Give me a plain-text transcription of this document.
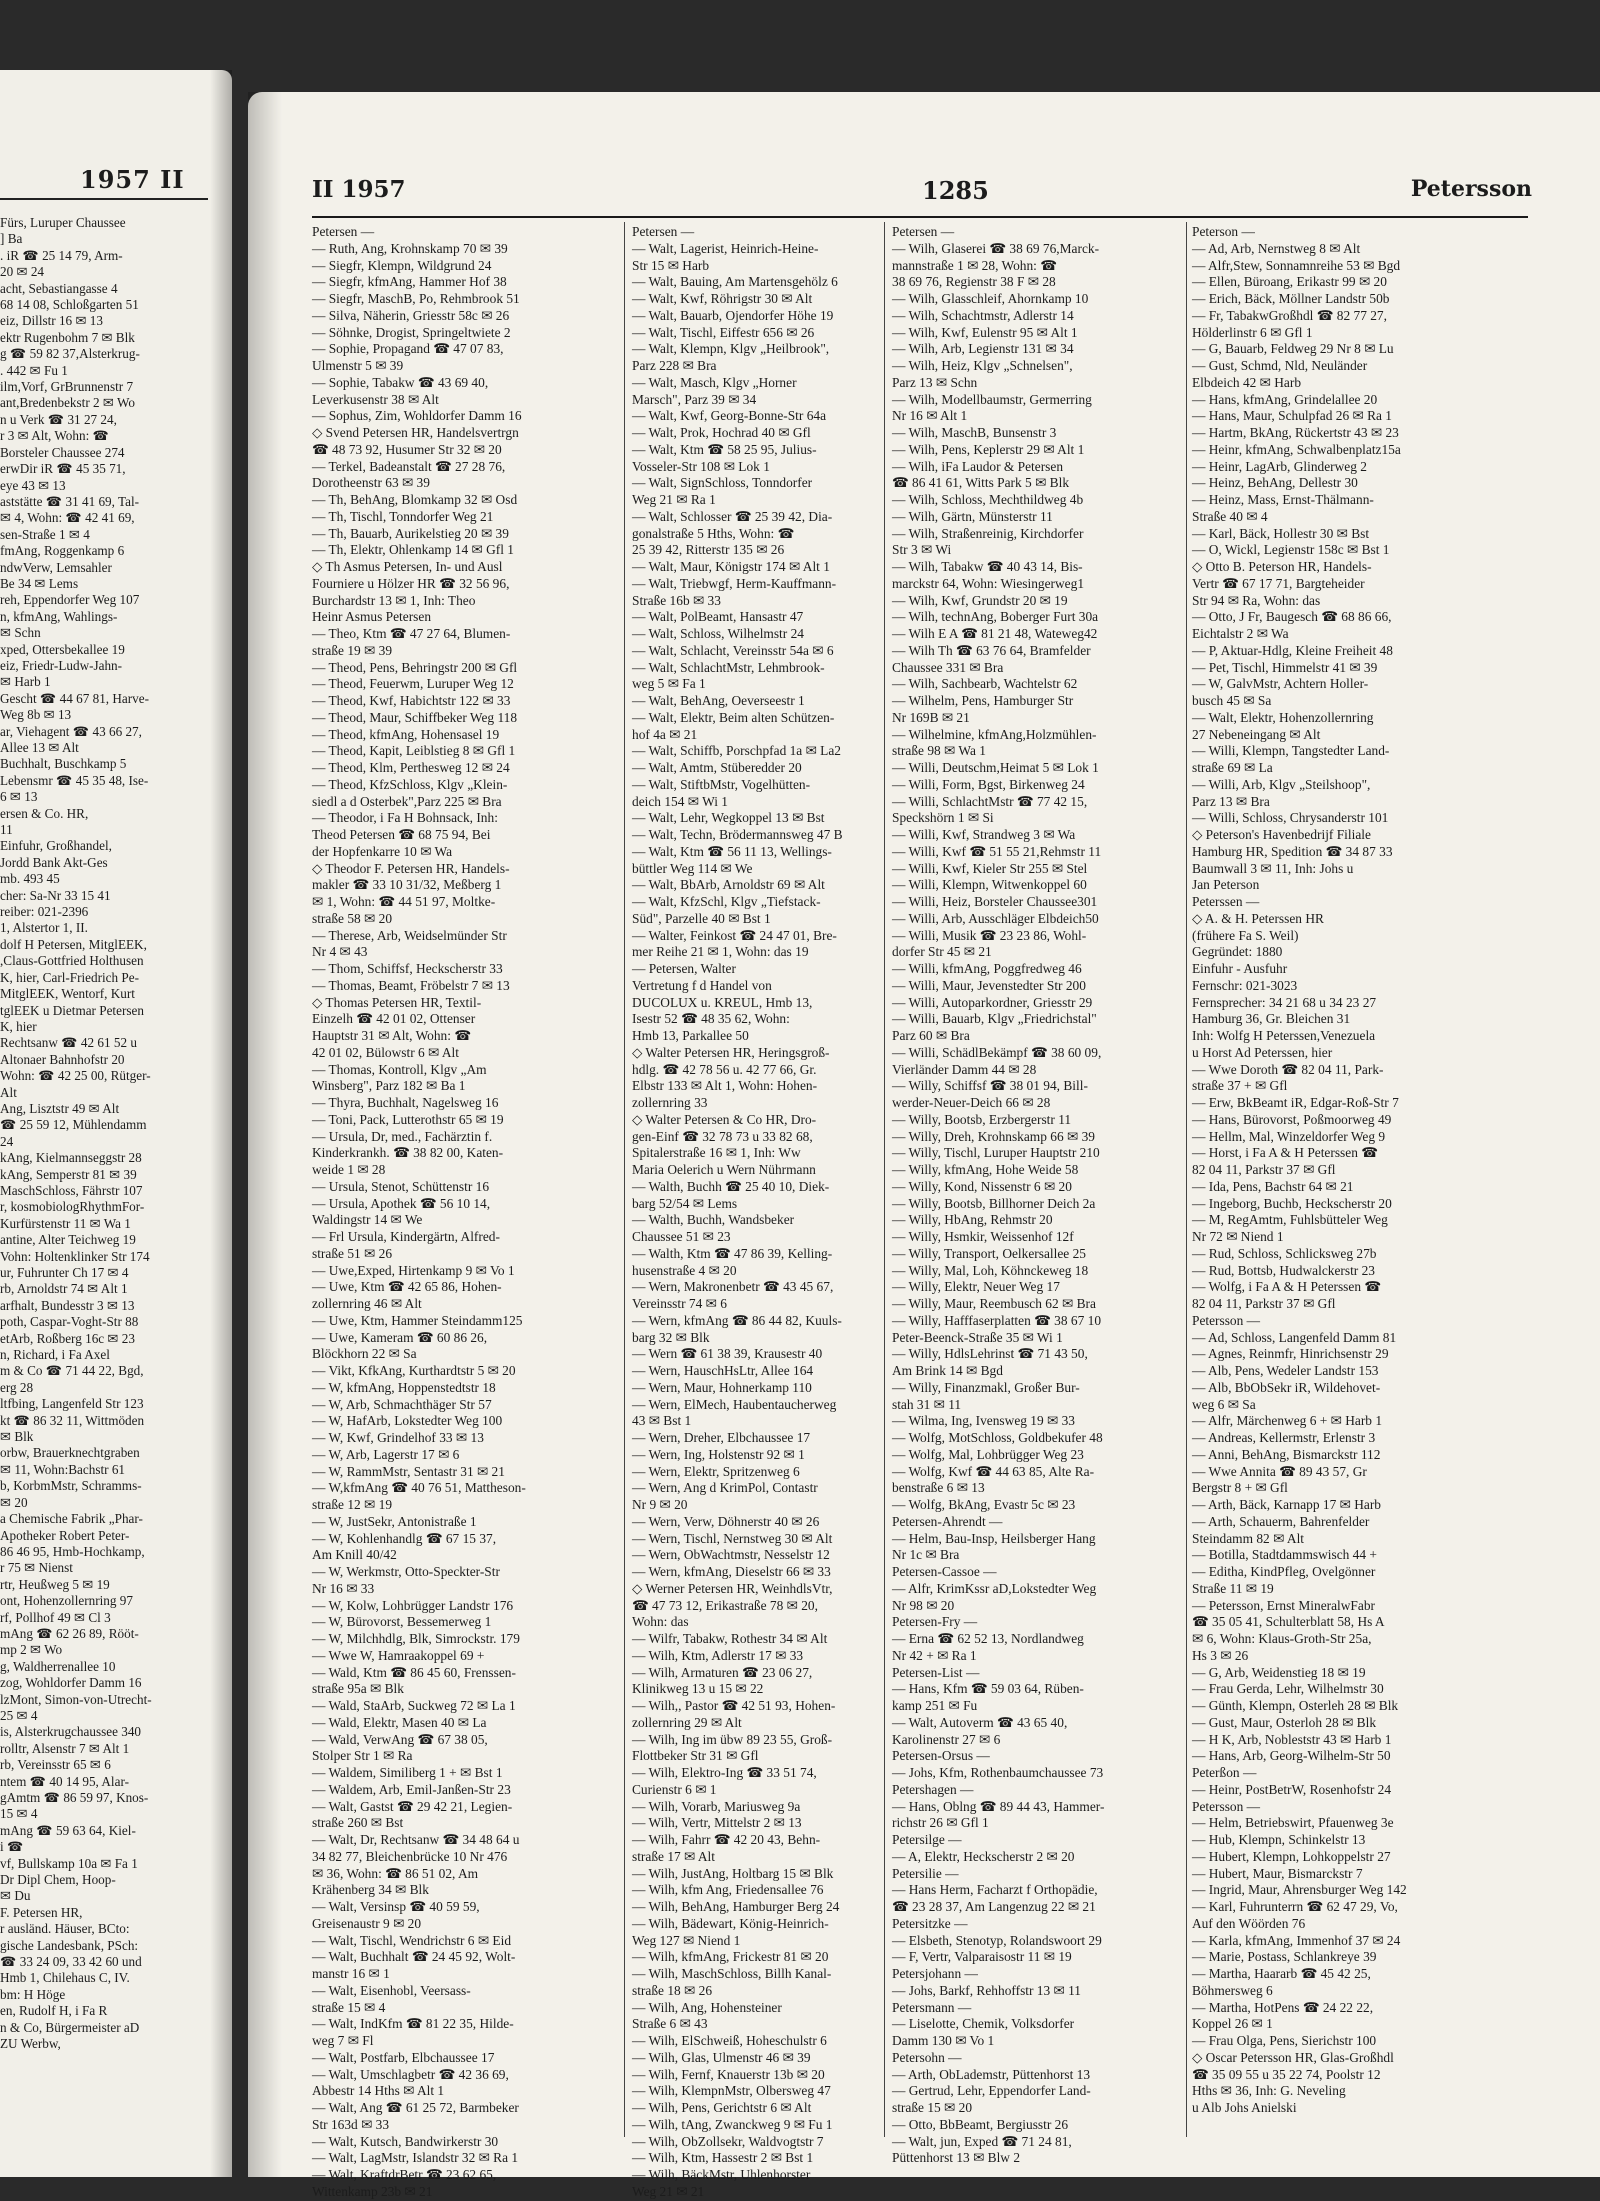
1957 II
Fürs, Luruper Chaussee
] Ba
. iR ☎ 25 14 79, Arm-
20 ✉ 24
acht, Sebastiangasse 4
68 14 08, Schloßgarten 51
eiz, Dillstr 16 ✉ 13
ektr Rugenbohm 7 ✉ Blk
g ☎ 59 82 37,Alsterkrug-
. 442 ✉ Fu 1
ilm,Vorf, GrBrunnenstr 7
ant,Bredenbekstr 2 ✉ Wo
n u Verk ☎ 31 27 24,
r 3 ✉ Alt, Wohn: ☎
Borsteler Chaussee 274
erwDir iR ☎ 45 35 71,
eye 43 ✉ 13
aststätte ☎ 31 41 69, Tal-
✉ 4, Wohn: ☎ 42 41 69,
sen-Straße 1 ✉ 4
fmAng, Roggenkamp 6
ndwVerw, Lemsahler
Be 34 ✉ Lems
reh, Eppendorfer Weg 107
n, kfmAng, Wahlings-
✉ Schn
xped, Ottersbekallee 19
eiz, Friedr-Ludw-Jahn-
✉ Harb 1
Gescht ☎ 44 67 81, Harve-
Weg 8b ✉ 13
ar, Viehagent ☎ 43 66 27,
Allee 13 ✉ Alt
Buchhalt, Buschkamp 5
Lebensmr ☎ 45 35 48, Ise-
6 ✉ 13
ersen & Co. HR,
11
Einfuhr, Großhandel,
Jordd Bank Akt-Ges
mb. 493 45
cher: Sa-Nr 33 15 41
reiber: 021-2396
1, Alstertor 1, II.
dolf H Petersen, MitglEEK,
,Claus-Gottfried Holthusen
K, hier, Carl-Friedrich Pe-
MitglEEK, Wentorf, Kurt
tglEEK u Dietmar Petersen
K, hier
Rechtsanw ☎ 42 61 52 u
Altonaer Bahnhofstr 20
Wohn: ☎ 42 25 00, Rütger-
Alt
Ang, Lisztstr 49 ✉ Alt
☎ 25 59 12, Mühlendamm
24
kAng, Kielmannseggstr 28
kAng, Semperstr 81 ✉ 39
MaschSchloss, Fährstr 107
r, kosmobiologRhythmFor-
Kurfürstenstr 11 ✉ Wa 1
antine, Alter Teichweg 19
Vohn: Holtenklinker Str 174
ur, Fuhrunter Ch 17 ✉ 4
rb, Arnoldstr 74 ✉ Alt 1
arfhalt, Bundesstr 3 ✉ 13
poth, Caspar-Voght-Str 88
etArb, Roßberg 16c ✉ 23
n, Richard, i Fa Axel
m & Co ☎ 71 44 22, Bgd,
erg 28
ltfbing, Langenfeld Str 123
kt ☎ 86 32 11, Wittmöden
✉ Blk
orbw, Brauerknechtgraben
✉ 11, Wohn:Bachstr 61
b, KorbmMstr, Schramms-
✉ 20
a Chemische Fabrik „Phar-
Apotheker Robert Peter-
86 46 95, Hmb-Hochkamp,
r 75 ✉ Nienst
rtr, Heußweg 5 ✉ 19
ont, Hohenzollernring 97
rf, Pollhof 49 ✉ Cl 3
mAng ☎ 62 26 89, Rööt-
mp 2 ✉ Wo
g, Waldherrenallee 10
zog, Wohldorfer Damm 16
lzMont, Simon-von-Utrecht-
25 ✉ 4
is, Alsterkrugchaussee 340
rolltr, Alsenstr 7 ✉ Alt 1
rb, Vereinsstr 65 ✉ 6
ntem ☎ 40 14 95, Alar-
gAmtm ☎ 86 59 97, Knos-
15 ✉ 4
mAng ☎ 59 63 64, Kiel-
i ☎
vf, Bullskamp 10a ✉ Fa 1
Dr Dipl Chem, Hoop-
✉ Du
F. Petersen HR,
r ausländ. Häuser, BCto:
gische Landesbank, PSch:
☎ 33 24 09, 33 42 60 und
Hmb 1, Chilehaus C, IV.
bm: H Höge
en, Rudolf H, i Fa R
n & Co, Bürgermeister aD
ZU Werbw,
II 1957	1285	Petersson
Petersen —
— Ruth, Ang, Krohnskamp 70 ✉ 39
— Siegfr, Klempn, Wildgrund 24
— Siegfr, kfmAng, Hammer Hof 38
— Siegfr, MaschB, Po, Rehmbrook 51
— Silva, Näherin, Griesstr 58c ✉ 26
— Söhnke, Drogist, Springeltwiete 2
— Sophie, Propagand ☎ 47 07 83,
Ulmenstr 5 ✉ 39
— Sophie, Tabakw ☎ 43 69 40,
Leverkusenstr 38 ✉ Alt
— Sophus, Zim, Wohldorfer Damm 16
◇ Svend Petersen HR, Handelsvertrgn
☎ 48 73 92, Husumer Str 32 ✉ 20
— Terkel, Badeanstalt ☎ 27 28 76,
Dorotheenstr 63 ✉ 39
— Th, BehAng, Blomkamp 32 ✉ Osd
— Th, Tischl, Tonndorfer Weg 21
— Th, Bauarb, Aurikelstieg 20 ✉ 39
— Th, Elektr, Ohlenkamp 14 ✉ Gfl 1
◇ Th Asmus Petersen, In- und Ausl
Fourniere u Hölzer HR ☎ 32 56 96,
Burchardstr 13 ✉ 1, Inh: Theo
Heinr Asmus Petersen
— Theo, Ktm ☎ 47 27 64, Blumen-
straße 19 ✉ 39
— Theod, Pens, Behringstr 200 ✉ Gfl
— Theod, Feuerwm, Luruper Weg 12
— Theod, Kwf, Habichtstr 122 ✉ 33
— Theod, Maur, Schiffbeker Weg 118
— Theod, kfmAng, Hohensasel 19
— Theod, Kapit, Leiblstieg 8 ✉ Gfl 1
— Theod, Klm, Perthesweg 12 ✉ 24
— Theod, KfzSchloss, Klgv „Klein-
siedl a d Osterbek",Parz 225 ✉ Bra
— Theodor, i Fa H Bohnsack, Inh:
Theod Petersen ☎ 68 75 94, Bei
der Hopfenkarre 10 ✉ Wa
◇ Theodor F. Petersen HR, Handels-
makler ☎ 33 10 31/32, Meßberg 1
✉ 1, Wohn: ☎ 44 51 97, Moltke-
straße 58 ✉ 20
— Therese, Arb, Weidselmünder Str
Nr 4 ✉ 43
— Thom, Schiffsf, Heckscherstr 33
— Thomas, Beamt, Fröbelstr 7 ✉ 13
◇ Thomas Petersen HR, Textil-
Einzelh ☎ 42 01 02, Ottenser
Hauptstr 31 ✉ Alt, Wohn: ☎
42 01 02, Bülowstr 6 ✉ Alt
— Thomas, Kontroll, Klgv „Am
Winsberg", Parz 182 ✉ Ba 1
— Thyra, Buchhalt, Nagelsweg 16
— Toni, Pack, Lutterothstr 65 ✉ 19
— Ursula, Dr, med., Fachärztin f.
Kinderkrankh. ☎ 38 82 00, Katen-
weide 1 ✉ 28
— Ursula, Stenot, Schüttenstr 16
— Ursula, Apothek ☎ 56 10 14,
Waldingstr 14 ✉ We
— Frl Ursula, Kindergärtn, Alfred-
straße 51 ✉ 26
— Uwe,Exped, Hirtenkamp 9 ✉ Vo 1
— Uwe, Ktm ☎ 42 65 86, Hohen-
zollernring 46 ✉ Alt
— Uwe, Ktm, Hammer Steindamm125
— Uwe, Kameram ☎ 60 86 26,
Blöckhorn 22 ✉ Sa
— Vikt, KfkAng, Kurthardtstr 5 ✉ 20
— W, kfmAng, Hoppenstedtstr 18
— W, Arb, Schmachthäger Str 57
— W, HafArb, Lokstedter Weg 100
— W, Kwf, Grindelhof 33 ✉ 13
— W, Arb, Lagerstr 17 ✉ 6
— W, RammMstr, Sentastr 31 ✉ 21
— W,kfmAng ☎ 40 76 51, Mattheson-
straße 12 ✉ 19
— W, JustSekr, Antonistraße 1
— W, Kohlenhandlg ☎ 67 15 37,
Am Knill 40/42
— W, Werkmstr, Otto-Speckter-Str
Nr 16 ✉ 33
— W, Kolw, Lohbrügger Landstr 176
— W, Bürovorst, Bessemerweg 1
— W, Milchhdlg, Blk, Simrockstr. 179
— Wwe W, Hamraakoppel 69 +
— Wald, Ktm ☎ 86 45 60, Frenssen-
straße 95a ✉ Blk
— Wald, StaArb, Suckweg 72 ✉ La 1
— Wald, Elektr, Masen 40 ✉ La
— Wald, VerwAng ☎ 67 38 05,
Stolper Str 1 ✉ Ra
— Waldem, Similiberg 1 + ✉ Bst 1
— Waldem, Arb, Emil-Janßen-Str 23
— Walt, Gastst ☎ 29 42 21, Legien-
straße 260 ✉ Bst
— Walt, Dr, Rechtsanw ☎ 34 48 64 u
34 82 77, Bleichenbrücke 10 Nr 476
✉ 36, Wohn: ☎ 86 51 02, Am
Krähenberg 34 ✉ Blk
— Walt, Versinsp ☎ 40 59 59,
Greisenaustr 9 ✉ 20
— Walt, Tischl, Wendrichstr 6 ✉ Eid
— Walt, Buchhalt ☎ 24 45 92, Wolt-
manstr 16 ✉ 1
— Walt, Eisenhobl, Veersass-
straße 15 ✉ 4
— Walt, IndKfm ☎ 81 22 35, Hilde-
weg 7 ✉ Fl
— Walt, Postfarb, Elbchaussee 17
— Walt, Umschlagbetr ☎ 42 36 69,
Abbestr 14 Hths ✉ Alt 1
— Walt, Ang ☎ 61 25 72, Barmbeker
Str 163d ✉ 33
— Walt, Kutsch, Bandwirkerstr 30
— Walt, LagMstr, Islandstr 32 ✉ Ra 1
— Walt, KraftdrBetr ☎ 23 62 65,
Wittenkamp 23b ✉ 21
Petersen —
— Walt, Lagerist, Heinrich-Heine-
Str 15 ✉ Harb
— Walt, Bauing, Am Martensgehölz 6
— Walt, Kwf, Röhrigstr 30 ✉ Alt
— Walt, Bauarb, Ojendorfer Höhe 19
— Walt, Tischl, Eiffestr 656 ✉ 26
— Walt, Klempn, Klgv „Heilbrook",
Parz 228 ✉ Bra
— Walt, Masch, Klgv „Horner
Marsch", Parz 39 ✉ 34
— Walt, Kwf, Georg-Bonne-Str 64a
— Walt, Prok, Hochrad 40 ✉ Gfl
— Walt, Ktm ☎ 58 25 95, Julius-
Vosseler-Str 108 ✉ Lok 1
— Walt, SignSchloss, Tonndorfer
Weg 21 ✉ Ra 1
— Walt, Schlosser ☎ 25 39 42, Dia-
gonalstraße 5 Hths, Wohn: ☎
25 39 42, Ritterstr 135 ✉ 26
— Walt, Maur, Königstr 174 ✉ Alt 1
— Walt, Triebwgf, Herm-Kauffmann-
Straße 16b ✉ 33
— Walt, PolBeamt, Hansastr 47
— Walt, Schloss, Wilhelmstr 24
— Walt, Schlacht, Vereinsstr 54a ✉ 6
— Walt, SchlachtMstr, Lehmbrook-
weg 5 ✉ Fa 1
— Walt, BehAng, Oeverseestr 1
— Walt, Elektr, Beim alten Schützen-
hof 4a ✉ 21
— Walt, Schiffb, Porschpfad 1a ✉ La2
— Walt, Amtm, Stüberedder 20
— Walt, StiftbMstr, Vogelhütten-
deich 154 ✉ Wi 1
— Walt, Lehr, Wegkoppel 13 ✉ Bst
— Walt, Techn, Brödermannsweg 47 B
— Walt, Ktm ☎ 56 11 13, Wellings-
büttler Weg 114 ✉ We
— Walt, BbArb, Arnoldstr 69 ✉ Alt
— Walt, KfzSchl, Klgv „Tiefstack-
Süd", Parzelle 40 ✉ Bst 1
— Walter, Feinkost ☎ 24 47 01, Bre-
mer Reihe 21 ✉ 1, Wohn: das 19
— Petersen, Walter
Vertretung f d Handel von
DUCOLUX u. KREUL, Hmb 13,
Isestr 52 ☎ 48 35 62, Wohn:
Hmb 13, Parkallee 50
◇ Walter Petersen HR, Heringsgroß-
hdlg. ☎ 42 78 56 u. 42 77 66, Gr.
Elbstr 133 ✉ Alt 1, Wohn: Hohen-
zollernring 33
◇ Walter Petersen & Co HR, Dro-
gen-Einf ☎ 32 78 73 u 33 82 68,
Spitalerstraße 16 ✉ 1, Inh: Ww
Maria Oelerich u Wern Nührmann
— Walth, Buchh ☎ 25 40 10, Diek-
barg 52/54 ✉ Lems
— Walth, Buchh, Wandsbeker
Chaussee 51 ✉ 23
— Walth, Ktm ☎ 47 86 39, Kelling-
husenstraße 4 ✉ 20
— Wern, Makronenbetr ☎ 43 45 67,
Vereinsstr 74 ✉ 6
— Wern, kfmAng ☎ 86 44 82, Kuuls-
barg 32 ✉ Blk
— Wern ☎ 61 38 39, Krausestr 40
— Wern, HauschHsLtr, Allee 164
— Wern, Maur, Hohnerkamp 110
— Wern, ElMech, Haubentaucherweg
43 ✉ Bst 1
— Wern, Dreher, Elbchaussee 17
— Wern, Ing, Holstenstr 92 ✉ 1
— Wern, Elektr, Spritzenweg 6
— Wern, Ang d KrimPol, Contastr
Nr 9 ✉ 20
— Wern, Verw, Döhnerstr 40 ✉ 26
— Wern, Tischl, Nernstweg 30 ✉ Alt
— Wern, ObWachtmstr, Nesselstr 12
— Wern, kfmAng, Dieselstr 66 ✉ 33
◇ Werner Petersen HR, WeinhdlsVtr,
☎ 47 73 12, Erikastraße 78 ✉ 20,
Wohn: das
— Wilfr, Tabakw, Rothestr 34 ✉ Alt
— Wilh, Ktm, Adlerstr 17 ✉ 33
— Wilh, Armaturen ☎ 23 06 27,
Klinikweg 13 u 15 ✉ 22
— Wilh,, Pastor ☎ 42 51 93, Hohen-
zollernring 29 ✉ Alt
— Wilh, Ing im übw 89 23 55, Groß-
Flottbeker Str 31 ✉ Gfl
— Wilh, Elektro-Ing ☎ 33 51 74,
Curienstr 6 ✉ 1
— Wilh, Vorarb, Mariusweg 9a
— Wilh, Vertr, Mittelstr 2 ✉ 13
— Wilh, Fahrr ☎ 42 20 43, Behn-
straße 17 ✉ Alt
— Wilh, JustAng, Holtbarg 15 ✉ Blk
— Wilh, kfm Ang, Friedensallee 76
— Wilh, BehAng, Hamburger Berg 24
— Wilh, Bädewart, König-Heinrich-
Weg 127 ✉ Niend 1
— Wilh, kfmAng, Frickestr 81 ✉ 20
— Wilh, MaschSchloss, Billh Kanal-
straße 18 ✉ 26
— Wilh, Ang, Hohensteiner
Straße 6 ✉ 43
— Wilh, ElSchweiß, Hoheschulstr 6
— Wilh, Glas, Ulmenstr 46 ✉ 39
— Wilh, Fernf, Knauerstr 13b ✉ 20
— Wilh, KlempnMstr, Olbersweg 47
— Wilh, Pens, Gerichtstr 6 ✉ Alt
— Wilh, tAng, Zwanckweg 9 ✉ Fu 1
— Wilh, ObZollsekr, Waldvogtstr 7
— Wilh, Ktm, Hassestr 2 ✉ Bst 1
— Wilh, BäckMstr, Uhlenhorster
Weg 21 ✉ 21
Petersen —
— Wilh, Glaserei ☎ 38 69 76,Marck-
mannstraße 1 ✉ 28, Wohn: ☎
38 69 76, Regienstr 38 F ✉ 28
— Wilh, Glasschleif, Ahornkamp 10
— Wilh, Schachtmstr, Adlerstr 14
— Wilh, Kwf, Eulenstr 95 ✉ Alt 1
— Wilh, Arb, Legienstr 131 ✉ 34
— Wilh, Heiz, Klgv „Schnelsen",
Parz 13 ✉ Schn
— Wilh, Modellbaumstr, Germerring
Nr 16 ✉ Alt 1
— Wilh, MaschB, Bunsenstr 3
— Wilh, Pens, Keplerstr 29 ✉ Alt 1
— Wilh, iFa Laudor & Petersen
☎ 86 41 61, Witts Park 5 ✉ Blk
— Wilh, Schloss, Mechthildweg 4b
— Wilh, Gärtn, Münsterstr 11
— Wilh, Straßenreinig, Kirchdorfer
Str 3 ✉ Wi
— Wilh, Tabakw ☎ 40 43 14, Bis-
marckstr 64, Wohn: Wiesingerweg1
— Wilh, Kwf, Grundstr 20 ✉ 19
— Wilh, technAng, Boberger Furt 30a
— Wilh E A ☎ 81 21 48, Wateweg42
— Wilh Th ☎ 63 76 64, Bramfelder
Chaussee 331 ✉ Bra
— Wilh, Sachbearb, Wachtelstr 62
— Wilhelm, Pens, Hamburger Str
Nr 169B ✉ 21
— Wilhelmine, kfmAng,Holzmühlen-
straße 98 ✉ Wa 1
— Willi, Deutschm,Heimat 5 ✉ Lok 1
— Willi, Form, Bgst, Birkenweg 24
— Willi, SchlachtMstr ☎ 77 42 15,
Speckshörn 1 ✉ Si
— Willi, Kwf, Strandweg 3 ✉ Wa
— Willi, Kwf ☎ 51 55 21,Rehmstr 11
— Willi, Kwf, Kieler Str 255 ✉ Stel
— Willi, Klempn, Witwenkoppel 60
— Willi, Heiz, Borsteler Chaussee301
— Willi, Arb, Ausschläger Elbdeich50
— Willi, Musik ☎ 23 23 86, Wohl-
dorfer Str 45 ✉ 21
— Willi, kfmAng, Poggfredweg 46
— Willi, Maur, Jevenstedter Str 200
— Willi, Autoparkordner, Griesstr 29
— Willi, Bauarb, Klgv „Friedrichstal"
Parz 60 ✉ Bra
— Willi, SchädlBekämpf ☎ 38 60 09,
Vierländer Damm 44 ✉ 28
— Willy, Schiffsf ☎ 38 01 94, Bill-
werder-Neuer-Deich 66 ✉ 28
— Willy, Bootsb, Erzbergerstr 11
— Willy, Dreh, Krohnskamp 66 ✉ 39
— Willy, Tischl, Luruper Hauptstr 210
— Willy, kfmAng, Hohe Weide 58
— Willy, Kond, Nissenstr 6 ✉ 20
— Willy, Bootsb, Billhorner Deich 2a
— Willy, HbAng, Rehmstr 20
— Willy, Hsmkir, Weissenhof 12f
— Willy, Transport, Oelkersallee 25
— Willy, Mal, Loh, Köhnckeweg 18
— Willy, Elektr, Neuer Weg 17
— Willy, Maur, Reembusch 62 ✉ Bra
— Willy, Hafffaserplatten ☎ 38 67 10
Peter-Beenck-Straße 35 ✉ Wi 1
— Willy, HdlsLehrinst ☎ 71 43 50,
Am Brink 14 ✉ Bgd
— Willy, Finanzmakl, Großer Bur-
stah 31 ✉ 11
— Wilma, Ing, Ivensweg 19 ✉ 33
— Wolfg, MotSchloss, Goldbekufer 48
— Wolfg, Mal, Lohbrügger Weg 23
— Wolfg, Kwf ☎ 44 63 85, Alte Ra-
benstraße 6 ✉ 13
— Wolfg, BkAng, Evastr 5c ✉ 23
Petersen-Ahrendt —
— Helm, Bau-Insp, Heilsberger Hang
Nr 1c ✉ Bra
Petersen-Cassoe —
— Alfr, KrimKssr aD,Lokstedter Weg
Nr 98 ✉ 20
Petersen-Fry —
— Erna ☎ 62 52 13, Nordlandweg
Nr 42 + ✉ Ra 1
Petersen-List —
— Hans, Kfm ☎ 59 03 64, Rüben-
kamp 251 ✉ Fu
— Walt, Autoverm ☎ 43 65 40,
Karolinenstr 27 ✉ 6
Petersen-Orsus —
— Johs, Kfm, Rothenbaumchaussee 73
Petershagen —
— Hans, Oblng ☎ 89 44 43, Hammer-
richstr 26 ✉ Gfl 1
Petersilge —
— A, Elektr, Heckscherstr 2 ✉ 20
Petersilie —
— Hans Herm, Facharzt f Orthopädie,
☎ 23 28 37, Am Langenzug 22 ✉ 21
Petersitzke —
— Elsbeth, Stenotyp, Rolandswoort 29
— F, Vertr, Valparaisostr 11 ✉ 19
Petersjohann —
— Johs, Barkf, Rehhoffstr 13 ✉ 11
Petersmann —
— Liselotte, Chemik, Volksdorfer
Damm 130 ✉ Vo 1
Petersohn —
— Arth, ObLademstr, Püttenhorst 13
— Gertrud, Lehr, Eppendorfer Land-
straße 15 ✉ 20
— Otto, BbBeamt, Bergiusstr 26
— Walt, jun, Exped ☎ 71 24 81,
Püttenhorst 13 ✉ Blw 2
Peterson —
— Ad, Arb, Nernstweg 8 ✉ Alt
— Alfr,Stew, Sonnamnreihe 53 ✉ Bgd
— Ellen, Büroang, Erikastr 99 ✉ 20
— Erich, Bäck, Möllner Landstr 50b
— Fr, TabakwGroßhdl ☎ 82 77 27,
Hölderlinstr 6 ✉ Gfl 1
— G, Bauarb, Feldweg 29 Nr 8 ✉ Lu
— Gust, Schmd, Nld, Neuländer
Elbdeich 42 ✉ Harb
— Hans, kfmAng, Grindelallee 20
— Hans, Maur, Schulpfad 26 ✉ Ra 1
— Hartm, BkAng, Rückertstr 43 ✉ 23
— Heinr, kfmAng, Schwalbenplatz15a
— Heinr, LagArb, Glinderweg 2
— Heinz, BehAng, Dellestr 30
— Heinz, Mass, Ernst-Thälmann-
Straße 40 ✉ 4
— Karl, Bäck, Hollestr 30 ✉ Bst
— O, Wickl, Legienstr 158c ✉ Bst 1
◇ Otto B. Peterson HR, Handels-
Vertr ☎ 67 17 71, Bargteheider
Str 94 ✉ Ra, Wohn: das
— Otto, J Fr, Baugesch ☎ 68 86 66,
Eichtalstr 2 ✉ Wa
— P, Aktuar-Hdlg, Kleine Freiheit 48
— Pet, Tischl, Himmelstr 41 ✉ 39
— W, GalvMstr, Achtern Holler-
busch 45 ✉ Sa
— Walt, Elektr, Hohenzollernring
27 Nebeneingang ✉ Alt
— Willi, Klempn, Tangstedter Land-
straße 69 ✉ La
— Willi, Arb, Klgv „Steilshoop",
Parz 13 ✉ Bra
— Willi, Schloss, Chrysanderstr 101
◇ Peterson's Havenbedrijf Filiale
Hamburg HR, Spedition ☎ 34 87 33
Baumwall 3 ✉ 11, Inh: Johs u
Jan Peterson
Peterssen —
◇ A. & H. Peterssen HR
(frühere Fa S. Weil)
Gegründet: 1880
Einfuhr - Ausfuhr
Fernschr: 021-3023
Fernsprecher: 34 21 68 u 34 23 27
Hamburg 36, Gr. Bleichen 31
Inh: Wolfg H Peterssen,Venezuela
u Horst Ad Peterssen, hier
— Wwe Doroth ☎ 82 04 11, Park-
straße 37 + ✉ Gfl
— Erw, BkBeamt iR, Edgar-Roß-Str 7
— Hans, Bürovorst, Poßmoorweg 49
— Hellm, Mal, Winzeldorfer Weg 9
— Horst, i Fa A & H Peterssen ☎
82 04 11, Parkstr 37 ✉ Gfl
— Ida, Pens, Bachstr 64 ✉ 21
— Ingeborg, Buchb, Heckscherstr 20
— M, RegAmtm, Fuhlsbütteler Weg
Nr 72 ✉ Niend 1
— Rud, Schloss, Schlicksweg 27b
— Rud, Bottsb, Hudwalckerstr 23
— Wolfg, i Fa A & H Peterssen ☎
82 04 11, Parkstr 37 ✉ Gfl
Petersson —
— Ad, Schloss, Langenfeld Damm 81
— Agnes, Reinmfr, Hinrichsenstr 29
— Alb, Pens, Wedeler Landstr 153
— Alb, BbObSekr iR, Wildehovet-
weg 6 ✉ Sa
— Alfr, Märchenweg 6 + ✉ Harb 1
— Andreas, Kellermstr, Erlenstr 3
— Anni, BehAng, Bismarckstr 112
— Wwe Annita ☎ 89 43 57, Gr
Bergstr 8 + ✉ Gfl
— Arth, Bäck, Karnapp 17 ✉ Harb
— Arth, Schauerm, Bahrenfelder
Steindamm 82 ✉ Alt
— Botilla, Stadtdammswisch 44 +
— Editha, KindPfleg, Ovelgönner
Straße 11 ✉ 19
— Petersson, Ernst MineralwFabr
☎ 35 05 41, Schulterblatt 58, Hs A
✉ 6, Wohn: Klaus-Groth-Str 25a,
Hs 3 ✉ 26
— G, Arb, Weidenstieg 18 ✉ 19
— Frau Gerda, Lehr, Wilhelmstr 30
— Günth, Klempn, Osterleh 28 ✉ Blk
— Gust, Maur, Osterloh 28 ✉ Blk
— H K, Arb, Nobleststr 43 ✉ Harb 1
— Hans, Arb, Georg-Wilhelm-Str 50
Peterßon —
— Heinr, PostBetrW, Rosenhofstr 24
Petersson —
— Helm, Betriebswirt, Pfauenweg 3e
— Hub, Klempn, Schinkelstr 13
— Hubert, Klempn, Lohkoppelstr 27
— Hubert, Maur, Bismarckstr 7
— Ingrid, Maur, Ahrensburger Weg 142
— Karl, Fuhrunterrn ☎ 62 47 29, Vo,
Auf den Wöörden 76
— Karla, kfmAng, Immenhof 37 ✉ 24
— Marie, Postass, Schlankreye 39
— Martha, Haararb ☎ 45 42 25,
Böhmersweg 6
— Martha, HotPens ☎ 24 22 22,
Koppel 26 ✉ 1
— Frau Olga, Pens, Sierichstr 100
◇ Oscar Petersson HR, Glas-Großhdl
☎ 35 09 55 u 35 22 74, Poolstr 12
Hths ✉ 36, Inh: G. Neveling
u Alb Johs Anielski
